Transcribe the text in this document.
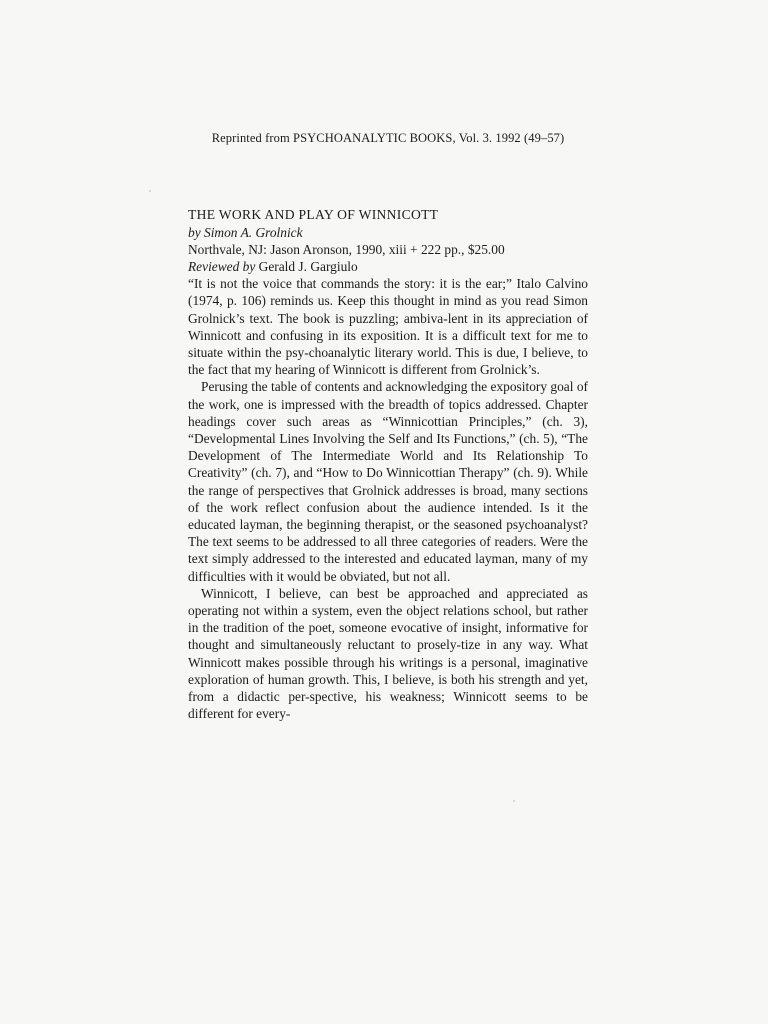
Reprinted from PSYCHOANALYTIC BOOKS, Vol. 3. 1992 (49–57)

THE WORK AND PLAY OF WINNICOTT

by Simon A. Grolnick

Northvale, NJ: Jason Aronson, 1990, xiii + 222 pp., $25.00

Reviewed by Gerald J. Gargiulo

“It is not the voice that commands the story: it is the ear;” Italo Calvino (1974, p. 106) reminds us. Keep this thought in mind as you read Simon Grolnick’s text. The book is puzzling; ambiva-lent in its appreciation of Winnicott and confusing in its exposition. It is a difficult text for me to situate within the psy-choanalytic literary world. This is due, I believe, to the fact that my hearing of Winnicott is different from Grolnick’s.

Perusing the table of contents and acknowledging the expository goal of the work, one is impressed with the breadth of topics addressed. Chapter headings cover such areas as “Winnicottian Principles,” (ch. 3), “Developmental Lines Involving the Self and Its Functions,” (ch. 5), “The Development of The Intermediate World and Its Relationship To Creativity” (ch. 7), and “How to Do Winnicottian Therapy” (ch. 9). While the range of perspectives that Grolnick addresses is broad, many sections of the work reflect confusion about the audience intended. Is it the educated layman, the beginning therapist, or the seasoned psychoanalyst? The text seems to be addressed to all three categories of readers. Were the text simply addressed to the interested and educated layman, many of my difficulties with it would be obviated, but not all.

Winnicott, I believe, can best be approached and appreciated as operating not within a system, even the object relations school, but rather in the tradition of the poet, someone evocative of insight, informative for thought and simultaneously reluctant to prosely-tize in any way. What Winnicott makes possible through his writings is a personal, imaginative exploration of human growth. This, I believe, is both his strength and yet, from a didactic per-spective, his weakness; Winnicott seems to be different for every-
